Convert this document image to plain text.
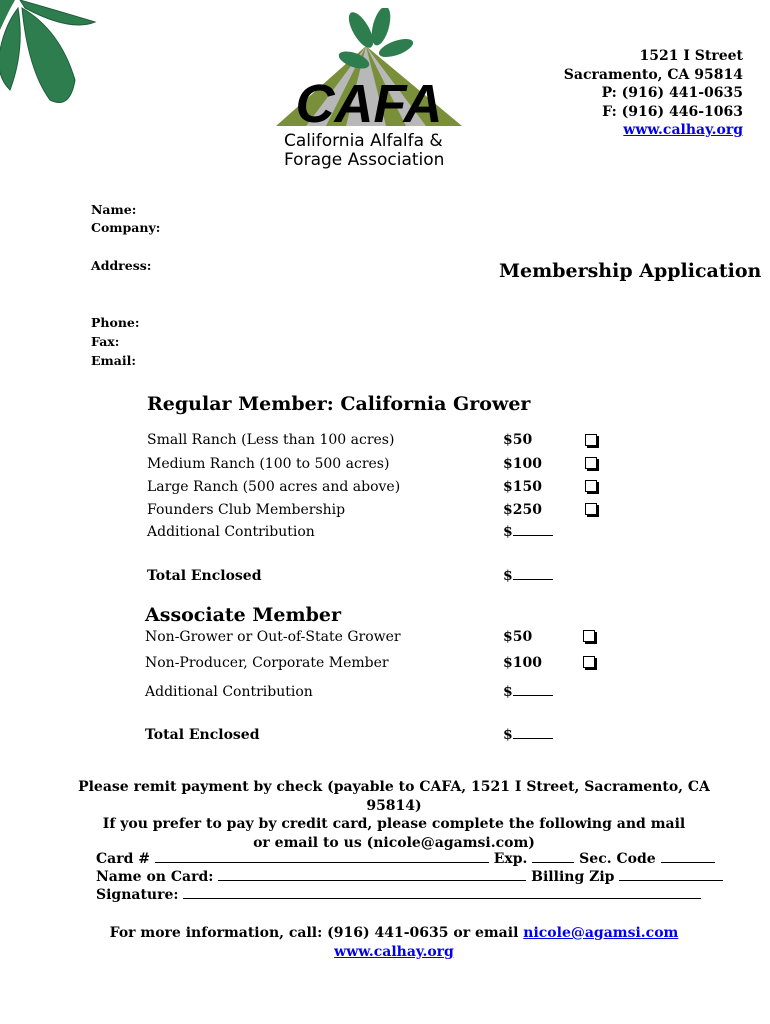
CAFA
California Alfalfa &
Forage Association
1521 I Street
Sacramento, CA 95814
P: (916) 441-0635
F: (916) 446-1063
www.calhay.org
Name:
Company:
Address:
Phone:
Fax:
Email:
Membership Application
Regular Member: California Grower
Small Ranch (Less than 100 acres)	$50
Medium Ranch (100 to 500 acres)	$100
Large Ranch (500 acres and above)	$150
Founders Club Membership	$250
Additional Contribution	$
Total Enclosed	$
Associate Member
Non-Grower or Out-of-State Grower	$50
Non-Producer, Corporate Member	$100
Additional Contribution	$
Total Enclosed	$
Please remit payment by check (payable to CAFA, 1521 I Street, Sacramento, CA 95814)
If you prefer to pay by credit card, please complete the following and mail
or email to us (nicole@agamsi.com)
Card #	Exp.	Sec. Code
Name on Card:	Billing Zip
Signature:
For more information, call: (916) 441-0635 or email nicole@agamsi.com
www.calhay.org
